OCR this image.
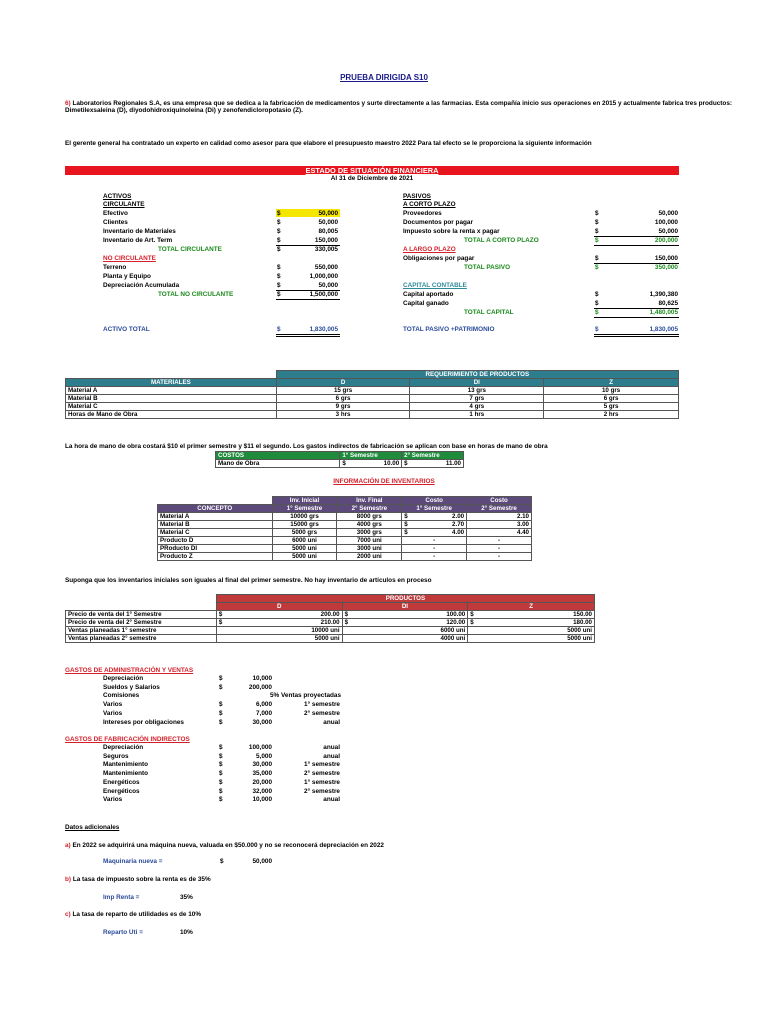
PRUEBA DIRIGIDA S10
6) Laboratorios Regionales S.A, es una empresa que se dedica a la fabricación de medicamentos y surte directamente a las farmacias. Esta compañía inicio sus operaciones en 2015 y actualmente fabrica tres productos:
Dimetilexsaleina (D), diyodohidroxiquinoleina (Di) y zenofendicloropotasio (Z).
El gerente general ha contratado un experto en calidad como asesor para que elabore el presupuesto maestro 2022 Para tal efecto se le proporciona la siguiente información
ESTADO DE SITUACIÓN FINANCIERA
Al 31 de Diciembre de 2021
ACTIVOS
CIRCULANTE
Efectivo	$	50,000
Clientes	$	50,000
Inventario de Materiales	$	80,005
Inventario de Art. Term	$	150,000
TOTAL CIRCULANTE	$	330,005
NO CIRCULANTE
Terreno	$	550,000
Planta y Equipo	$	1,000,000
Depreciación Acumulada	$	50,000
TOTAL NO CIRCULANTE	$	1,500,000
ACTIVO TOTAL	$	1,830,005
PASIVOS
A CORTO PLAZO
Proveedores	$	50,000
Documentos por pagar	$	100,000
Impuesto sobre la renta x pagar	$	50,000
TOTAL A CORTO PLAZO	$	200,000
A LARGO PLAZO
Obligaciones por pagar	$	150,000
TOTAL PASIVO	$	350,000
CAPITAL CONTABLE
Capital aportado	$	1,390,380
Capital ganado	$	80,625
TOTAL CAPITAL	$	1,480,005
TOTAL PASIVO +PATRIMONIO	$	1,830,005
	REQUERIMIENTO DE PRODUCTOS		
MATERIALES	D	DI	Z
Material A	15 grs	13 grs	10 grs
Material B	6 grs	7 grs	6 grs
Material C	9 grs	4 grs	5 grs
Horas de Mano de Obra	3 hrs	1 hrs	2 hrs
La hora de mano de obra costará $10 el primer semestre y $11 el segundo. Los gastos indirectos de fabricación se aplican con base en horas de mano de obra
COSTOS	1° Semestre	2° Semestre
Mano de Obra	$ 10.00	$ 11.00
INFORMACIÓN DE INVENTARIOS
	Inv. Inicial	Inv. Final	Costo	Costo
CONCEPTO	1° Semestre	2° Semestre	1° Semestre	2° Semestre
Material A	10000 grs	8000 grs	$ 2.00	2.10
Material B	15000 grs	4000 grs	$ 2.70	3.00
Material C	5000 grs	3000 grs	$ 4.00	4.40
Producto D	6000 uni	7000 uni	-	-
PRoducto DI	5000 uni	3000 uni	-	-
Producto Z	5000 uni	2000 uni	-	-
Suponga que los inventarios iniciales son iguales al final del primer semestre. No hay inventario de artículos en proceso
	PRODUCTOS		
	D	DI	Z
Precio de venta del 1° Semestre	$ 200.00	$ 100.00	$ 150.00

Precio de venta del 2° Semestre	$ 210.00	$ 120.00	$ 180.00

Ventas planeadas 1° semestre	10000 uni	6000 uni	5000 uni
Ventas planeadas 2° semestre	5000 uni	4000 uni	5000 uni
GASTOS DE ADMINISTRACIÓN Y VENTAS
Depreciación	$	10,000
Sueldos y Salarios	$	200,000
Comisiones	5% Ventas proyectadas
Varios	$	6,000	1° semestre
Varios	$	7,000	2° semestre
Intereses por obligaciones	$	30,000	anual
GASTOS DE FABRICACIÓN INDIRECTOS
Depreciación	$	100,000	anual
Seguros	$	5,000	anual
Mantenimiento	$	30,000	1° semestre
Mantenimiento	$	35,000	2° semestre
Energéticos	$	20,000	1° semestre
Energéticos	$	32,000	2° semestre
Varios	$	10,000	anual
Datos adicionales
a) En 2022 se adquirirá una máquina nueva, valuada en $50.000 y no se reconocerá depreciación en 2022
Maquinaria nueva =	$	50,000
b) La tasa de impuesto sobre la renta es de 35%
Imp Renta =	35%
c) La tasa de reparto de utilidades es de 10%
Reparto Uti =	10%
